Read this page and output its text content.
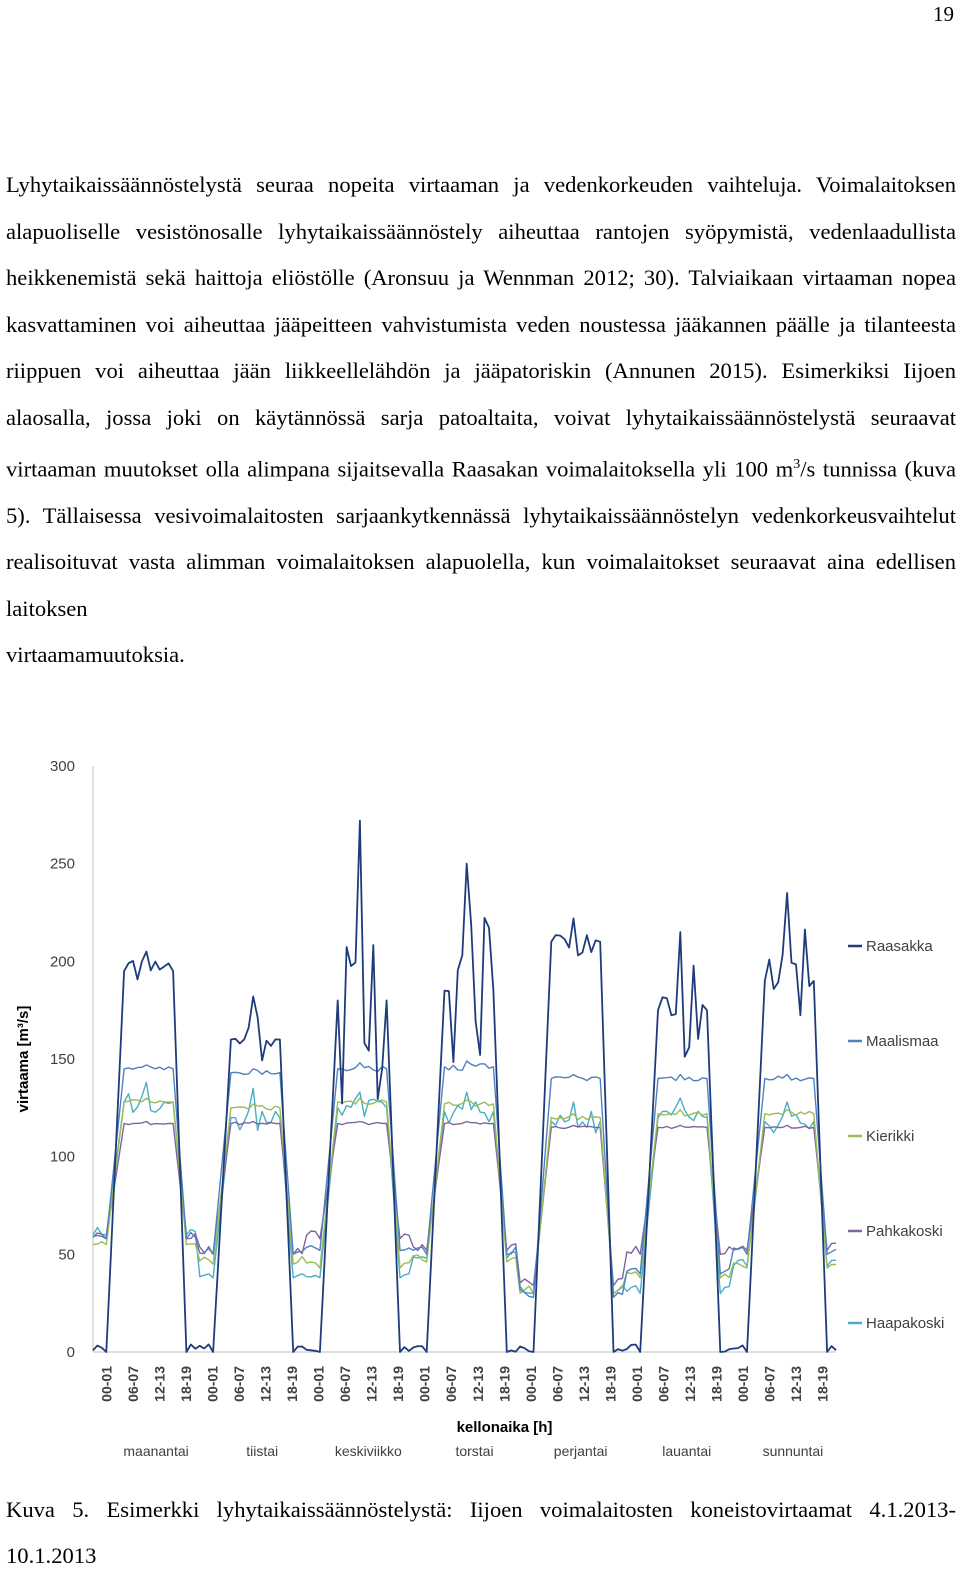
19

Lyhytaikaissäännöstelystä seuraa nopeita virtaaman ja vedenkorkeuden vaihteluja. Voimalaitoksen alapuoliselle vesistönosalle lyhytaikaissäännöstely aiheuttaa rantojen syöpymistä, vedenlaadullista heikkenemistä sekä haittoja eliöstölle (Aronsuu ja Wennman 2012; 30). Talviaikaan virtaaman nopea kasvattaminen voi aiheuttaa jääpeitteen vahvistumista veden noustessa jääkannen päälle ja tilanteesta riippuen voi aiheuttaa jään liikkeellelähdön ja jääpatoriskin (Annunen 2015). Esimerkiksi Iijoen alaosalla, jossa joki on käytännössä sarja patoaltaita, voivat lyhytaikaissäännöstelystä seuraavat virtaaman muutokset olla alimpana sijaitsevalla Raasakan voimalaitoksella yli 100 $m^3/s$ tunnissa (kuva 5). Tällaisessa vesivoimalaitosten sarjaankytkennässä lyhytaikaissäännöstelyn vedenkorkeusvaihtelut realisoituvat vasta alimman voimalaitoksen alapuolella, kun voimalaitokset seuraavat aina edellisen laitoksen
virtaamamuutoksia.

0
50
100
150
200
250
300
virtaama [m³/s]
00-01 06-07 12-13 18-19 00-01 06-07 12-13 18-19 00-01 06-07 12-13 18-19 00-01 06-07 12-13 18-19 00-01 06-07 12-13 18-19 00-01 06-07 12-13 18-19 00-01 06-07 12-13 18-19
kellonaika [h]
maanantai	tiistai	keskiviikko	torstai	perjantai	lauantai	sunnuntai
Raasakka
Maalismaa
Kierikki
Pahkakoski
Haapakoski

Kuva 5. Esimerkki lyhytaikaissäännöstelystä: Iijoen voimalaitosten koneistovirtaamat 4.1.2013-10.1.2013
